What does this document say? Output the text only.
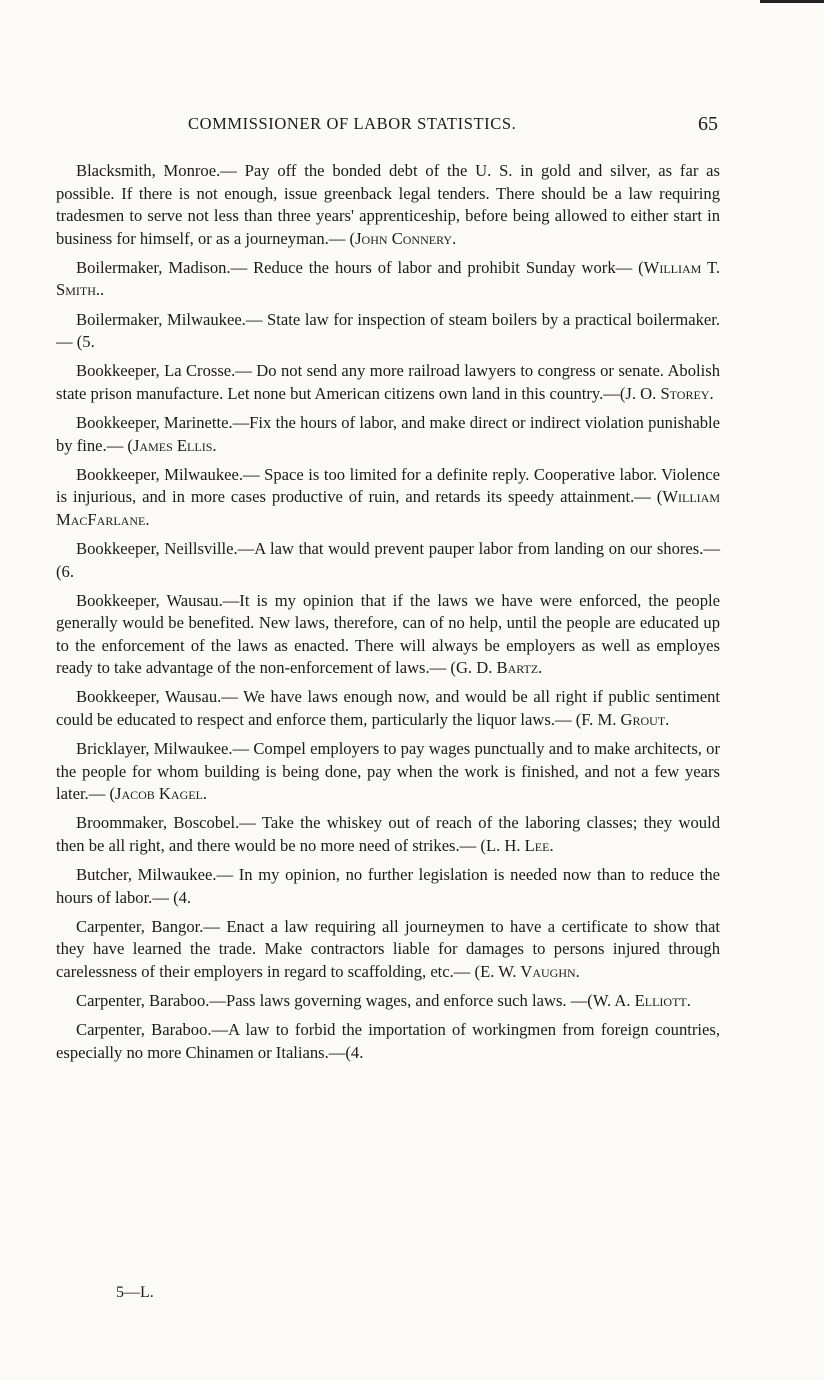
COMMISSIONER OF LABOR STATISTICS.	65

Blacksmith, Monroe.— Pay off the bonded debt of the U. S. in gold and silver, as far as possible. If there is not enough, issue greenback legal tenders. There should be a law requiring tradesmen to serve not less than three years' apprenticeship, before being allowed to either start in business for himself, or as a journeyman.— (John Connery.

Boilermaker, Madison.— Reduce the hours of labor and prohibit Sunday work— (William T. Smith..

Boilermaker, Milwaukee.— State law for inspection of steam boilers by a practical boilermaker.— (5.

Bookkeeper, La Crosse.— Do not send any more railroad lawyers to congress or senate. Abolish state prison manufacture. Let none but American citizens own land in this country.—(J. O. Storey.

Bookkeeper, Marinette.—Fix the hours of labor, and make direct or indirect violation punishable by fine.— (James Ellis.

Bookkeeper, Milwaukee.— Space is too limited for a definite reply. Cooperative labor. Violence is injurious, and in more cases productive of ruin, and retards its speedy attainment.— (William MacFarlane.

Bookkeeper, Neillsville.—A law that would prevent pauper labor from landing on our shores.— (6.

Bookkeeper, Wausau.—It is my opinion that if the laws we have were enforced, the people generally would be benefited. New laws, therefore, can of no help, until the people are educated up to the enforcement of the laws as enacted. There will always be employers as well as employes ready to take advantage of the non-enforcement of laws.— (G. D. Bartz.

Bookkeeper, Wausau.— We have laws enough now, and would be all right if public sentiment could be educated to respect and enforce them, particularly the liquor laws.— (F. M. Grout.

Bricklayer, Milwaukee.— Compel employers to pay wages punctually and to make architects, or the people for whom building is being done, pay when the work is finished, and not a few years later.— (Jacob Kagel.

Broommaker, Boscobel.— Take the whiskey out of reach of the laboring classes; they would then be all right, and there would be no more need of strikes.— (L. H. Lee.

Butcher, Milwaukee.— In my opinion, no further legislation is needed now than to reduce the hours of labor.— (4.

Carpenter, Bangor.— Enact a law requiring all journeymen to have a certificate to show that they have learned the trade. Make contractors liable for damages to persons injured through carelessness of their employers in regard to scaffolding, etc.— (E. W. Vaughn.

Carpenter, Baraboo.—Pass laws governing wages, and enforce such laws. —(W. A. Elliott.

Carpenter, Baraboo.—A law to forbid the importation of workingmen from foreign countries, especially no more Chinamen or Italians.—(4.

5—L.
